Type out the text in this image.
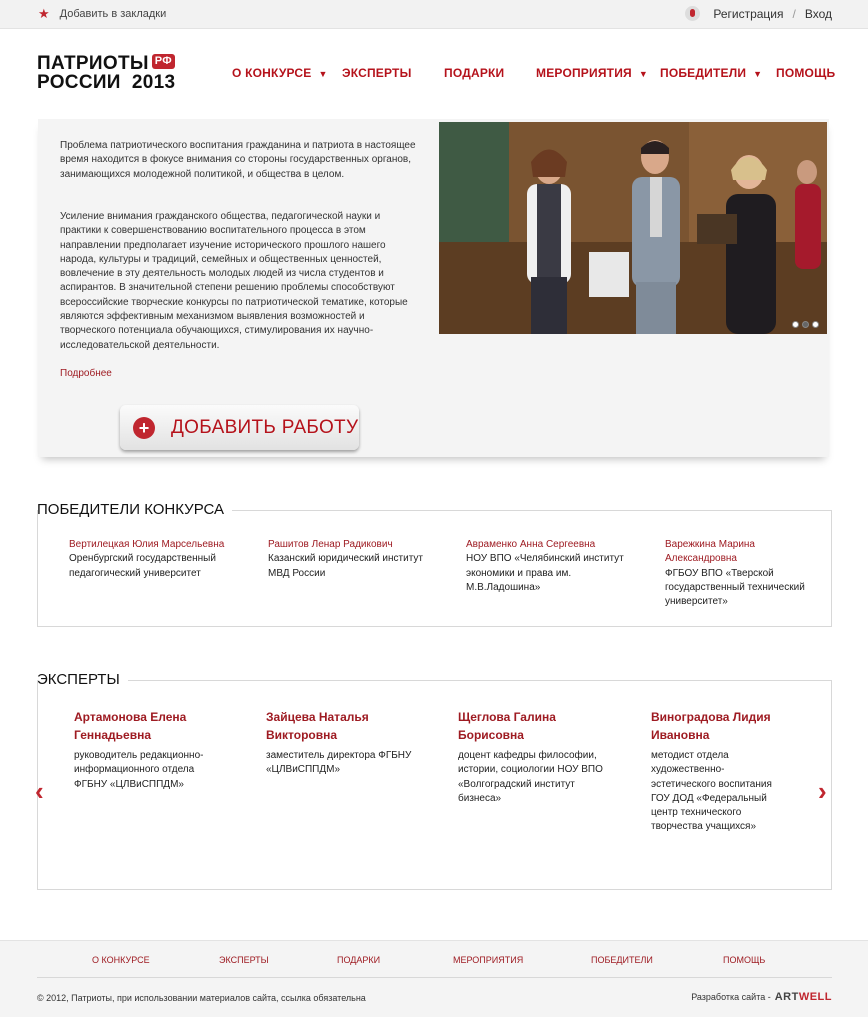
★ Добавить в закладки	Регистрация / Вход
ПАТРИОТЫ РФ
РОССИИ  2013	О КОНКУРСЕ ▼ ЭКСПЕРТЫ	ПОДАРКИ	МЕРОПРИЯТИЯ ▼ ПОБЕДИТЕЛИ ▼ ПОМОЩЬ

Проблема патриотического воспитания гражданина и патриота в настоящее время находится в фокусе внимания со стороны государственных органов, занимающихся молодежной политикой, и общества в целом.

Усиление внимания гражданского общества, педагогической науки и практики к совершенствованию воспитательного процесса в этом направлении предполагает изучение исторического прошлого нашего народа, культуры и традиций, семейных и общественных ценностей, вовлечение в эту деятельность молодых людей из числа студентов и аспирантов. В значительной степени решению проблемы способствуют всероссийские творческие конкурсы по патриотической тематике, которые являются эффективным механизмом выявления возможностей и творческого потенциала обучающихся, стимулирования их научно-исследовательской деятельности.

Подробнее
+	ДОБАВИТЬ РАБОТУ
ПОБЕДИТЕЛИ КОНКУРСА
Вертилецкая Юлия Марсельевна
Оренбургский государственный педагогический университет
Рашитов Ленар Радикович
Казанский юридический институт МВД России
Авраменко Анна Сергеевна
НОУ ВПО «Челябинский институт экономики и права им. М.В.Ладошина»
Варежкина Марина Александровна
ФГБОУ ВПО «Тверской государственный технический университет»
ЭКСПЕРТЫ
‹	›
Артамонова Елена Геннадьевна
руководитель редакционно-информационного отдела ФГБНУ «ЦЛВиСППДМ»
Зайцева Наталья Викторовна
заместитель директора ФГБНУ «ЦЛВиСППДМ»
Щеглова Галина Борисовна
доцент кафедры философии, истории, социологии НОУ ВПО «Волгоградский институт бизнеса»
Виноградова Лидия Ивановна
методист отдела художественно-эстетического воспитания ГОУ ДОД «Федеральный центр технического творчества учащихся»
О КОНКУРСЕ	ЭКСПЕРТЫ	ПОДАРКИ	МЕРОПРИЯТИЯ	ПОБЕДИТЕЛИ	ПОМОЩЬ
© 2012, Патриоты, при использовании материалов сайта, ссылка обязательна	Разработка сайта - ARTWELL
